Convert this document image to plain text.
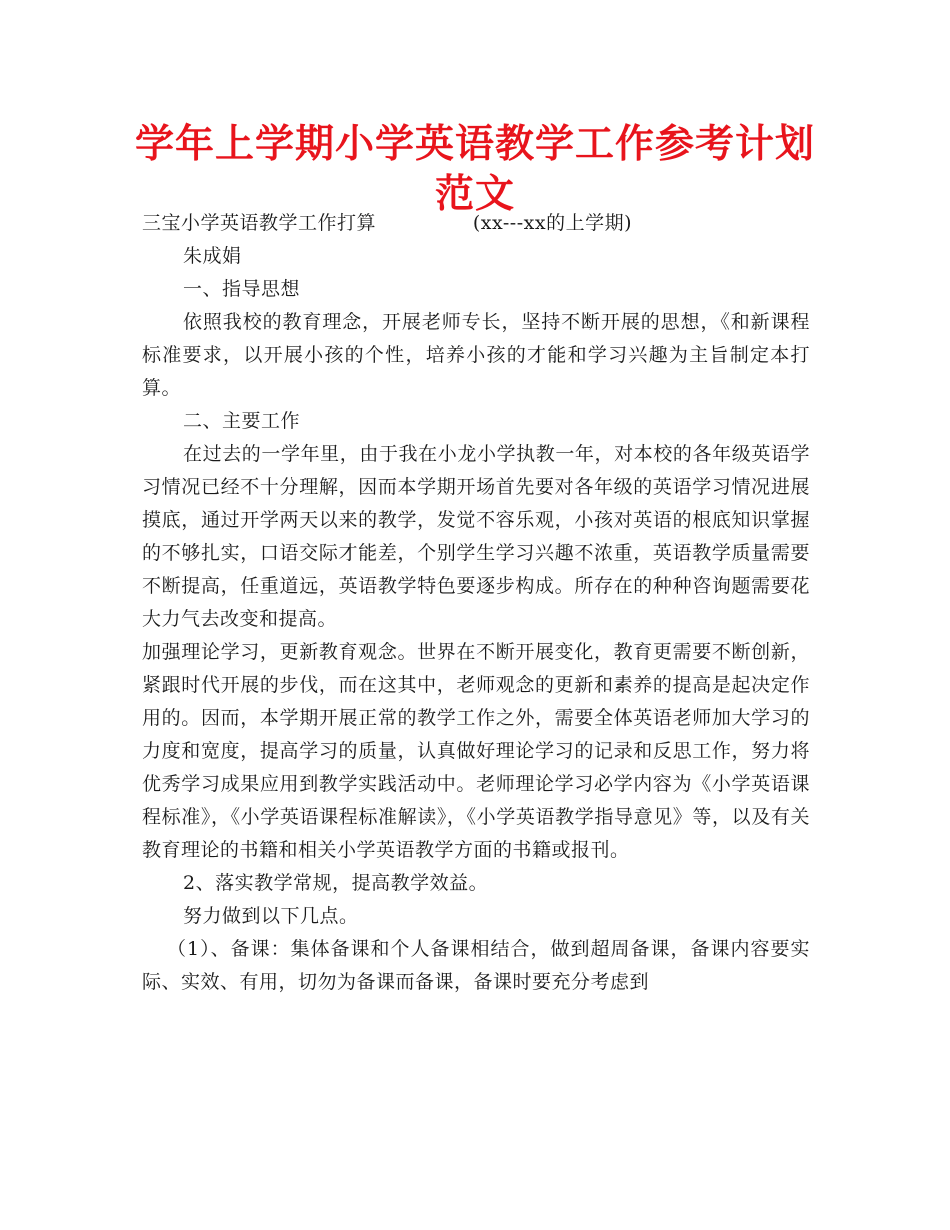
学年上学期小学英语教学工作参考计划范文

三宝小学英语教学工作打算	(xx---xx的上学期)

朱成娟

一、指导思想

依照我校的教育理念，开展老师专长，坚持不断开展的思想，《和新课程标准要求，以开展小孩的个性，培养小孩的才能和学习兴趣为主旨制定本打算。

二、主要工作

在过去的一学年里，由于我在小龙小学执教一年，对本校的各年级英语学习情况已经不十分理解，因而本学期开场首先要对各年级的英语学习情况进展摸底，通过开学两天以来的教学，发觉不容乐观，小孩对英语的根底知识掌握的不够扎实，口语交际才能差，个别学生学习兴趣不浓重，英语教学质量需要不断提高，任重道远，英语教学特色要逐步构成。所存在的种种咨询题需要花大力气去改变和提高。

加强理论学习，更新教育观念。世界在不断开展变化，教育更需要不断创新，紧跟时代开展的步伐，而在这其中，老师观念的更新和素养的提高是起决定作用的。因而，本学期开展正常的教学工作之外，需要全体英语老师加大学习的力度和宽度，提高学习的质量，认真做好理论学习的记录和反思工作，努力将优秀学习成果应用到教学实践活动中。老师理论学习必学内容为《小学英语课程标准》，《小学英语课程标准解读》，《小学英语教学指导意见》等，以及有关教育理论的书籍和相关小学英语教学方面的书籍或报刊。

2、落实教学常规，提高教学效益。

努力做到以下几点。

（1）、备课：集体备课和个人备课相结合，做到超周备课，备课内容要实际、实效、有用，切勿为备课而备课，备课时要充分考虑到
